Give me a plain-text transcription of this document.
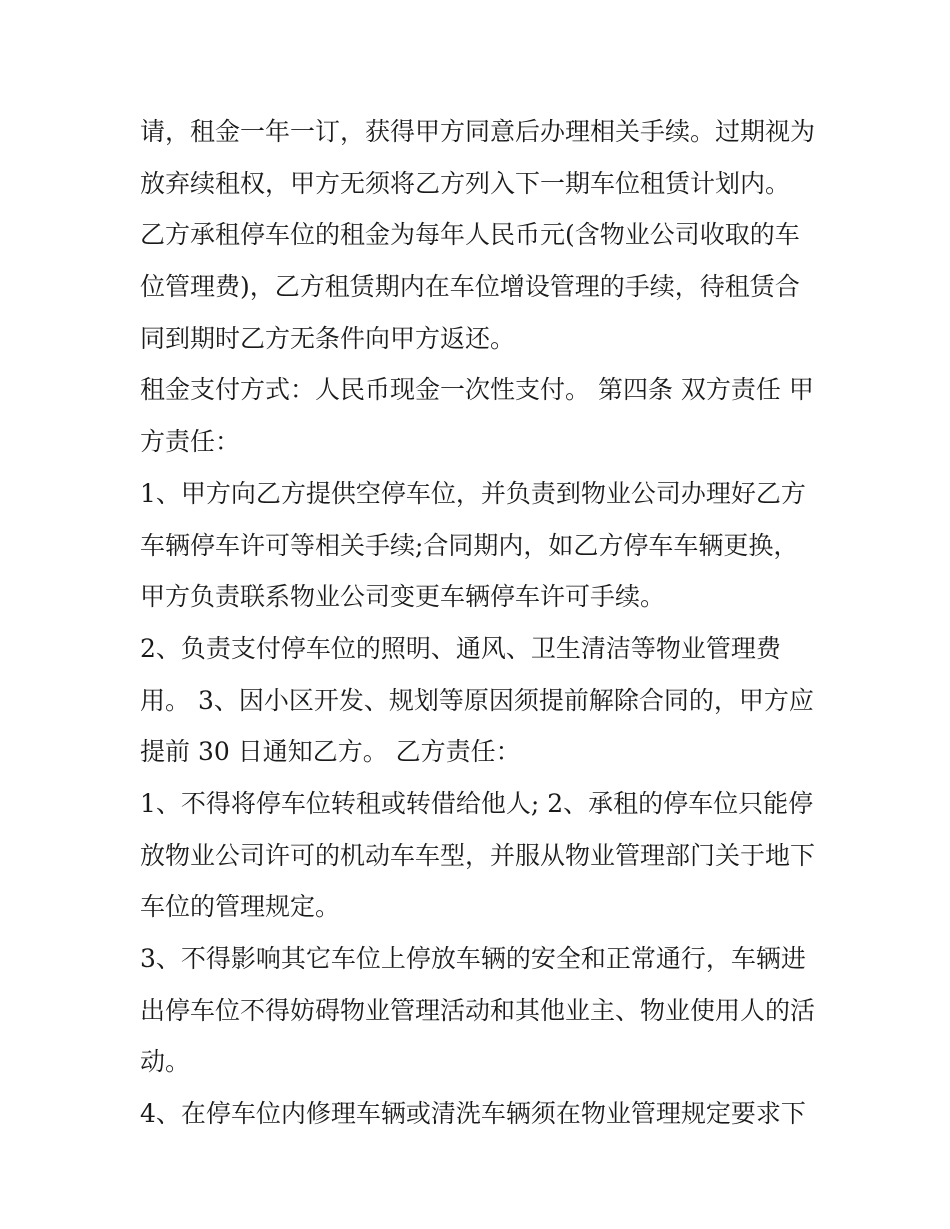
请，租金一年一订，获得甲方同意后办理相关手续。过期视为
放弃续租权，甲方无须将乙方列入下一期车位租赁计划内。
乙方承租停车位的租金为每年人民币元(含物业公司收取的车
位管理费)，乙方租赁期内在车位增设管理的手续，待租赁合
同到期时乙方无条件向甲方返还。
租金支付方式：人民币现金一次性支付。 第四条 双方责任 甲
方责任：
1、甲方向乙方提供空停车位，并负责到物业公司办理好乙方
车辆停车许可等相关手续;合同期内，如乙方停车车辆更换，
甲方负责联系物业公司变更车辆停车许可手续。
2、负责支付停车位的照明、通风、卫生清洁等物业管理费
用。 3、因小区开发、规划等原因须提前解除合同的，甲方应
提前 30 日通知乙方。 乙方责任：
1、不得将停车位转租或转借给他人; 2、承租的停车位只能停
放物业公司许可的机动车车型，并服从物业管理部门关于地下
车位的管理规定。
3、不得影响其它车位上停放车辆的安全和正常通行，车辆进
出停车位不得妨碍物业管理活动和其他业主、物业使用人的活
动。
4、在停车位内修理车辆或清洗车辆须在物业管理规定要求下
